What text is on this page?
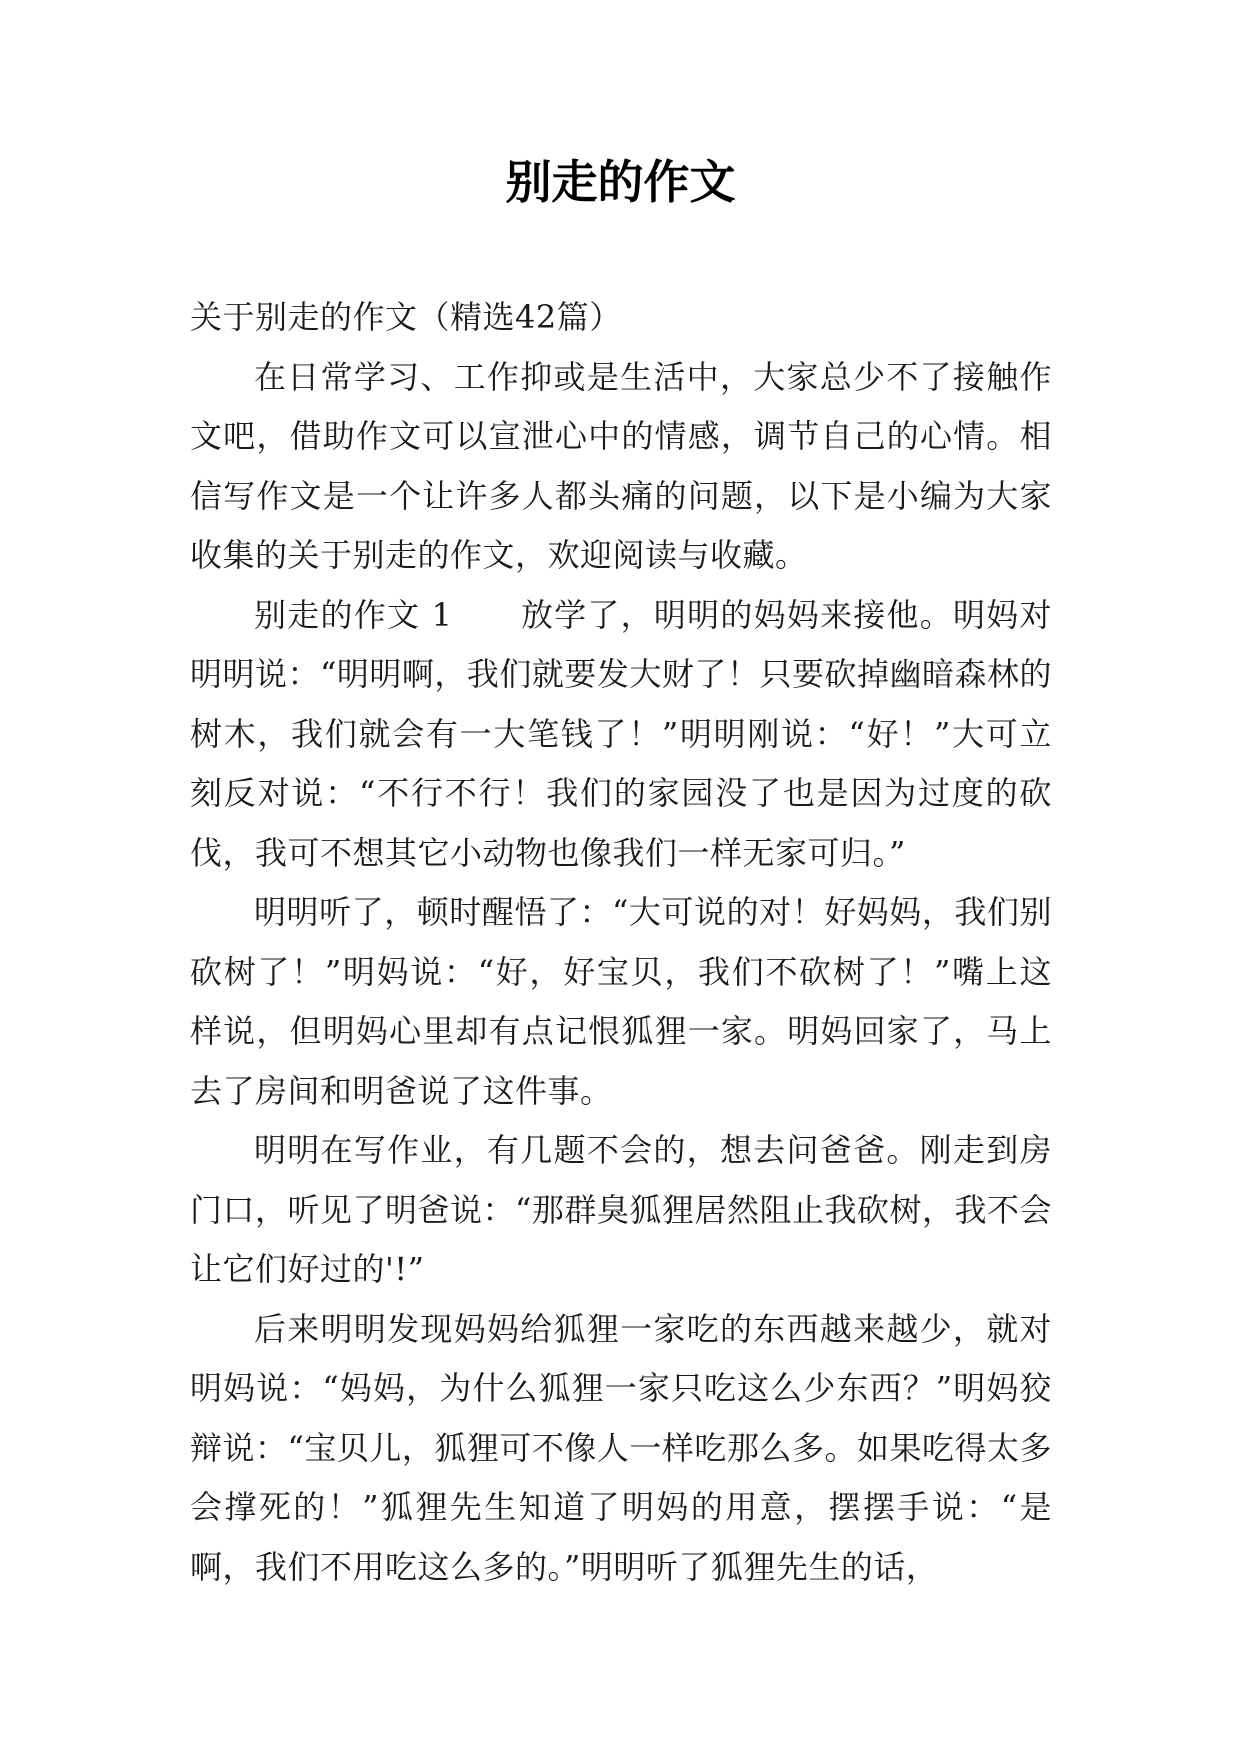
别走的作文

关于别走的作文（精选42篇）

在日常学习、工作抑或是生活中，大家总少不了接触作文吧，借助作文可以宣泄心中的情感，调节自己的心情。相信写作文是一个让许多人都头痛的问题，以下是小编为大家收集的关于别走的作文，欢迎阅读与收藏。

别走的作文 1 放学了，明明的妈妈来接他。明妈对明明说：“明明啊，我们就要发大财了！只要砍掉幽暗森林的树木，我们就会有一大笔钱了！”明明刚说：“好！”大可立刻反对说：“不行不行！我们的家园没了也是因为过度的砍伐，我可不想其它小动物也像我们一样无家可归。”

明明听了，顿时醒悟了：“大可说的对！好妈妈，我们别砍树了！”明妈说：“好，好宝贝，我们不砍树了！”嘴上这样说，但明妈心里却有点记恨狐狸一家。明妈回家了，马上去了房间和明爸说了这件事。

明明在写作业，有几题不会的，想去问爸爸。刚走到房门口，听见了明爸说：“那群臭狐狸居然阻止我砍树，我不会让它们好过的'!”

后来明明发现妈妈给狐狸一家吃的东西越来越少，就对明妈说：“妈妈，为什么狐狸一家只吃这么少东西？”明妈狡辩说：“宝贝儿，狐狸可不像人一样吃那么多。如果吃得太多会撑死的！”狐狸先生知道了明妈的用意，摆摆手说：“是啊，我们不用吃这么多的。”明明听了狐狸先生的话，
